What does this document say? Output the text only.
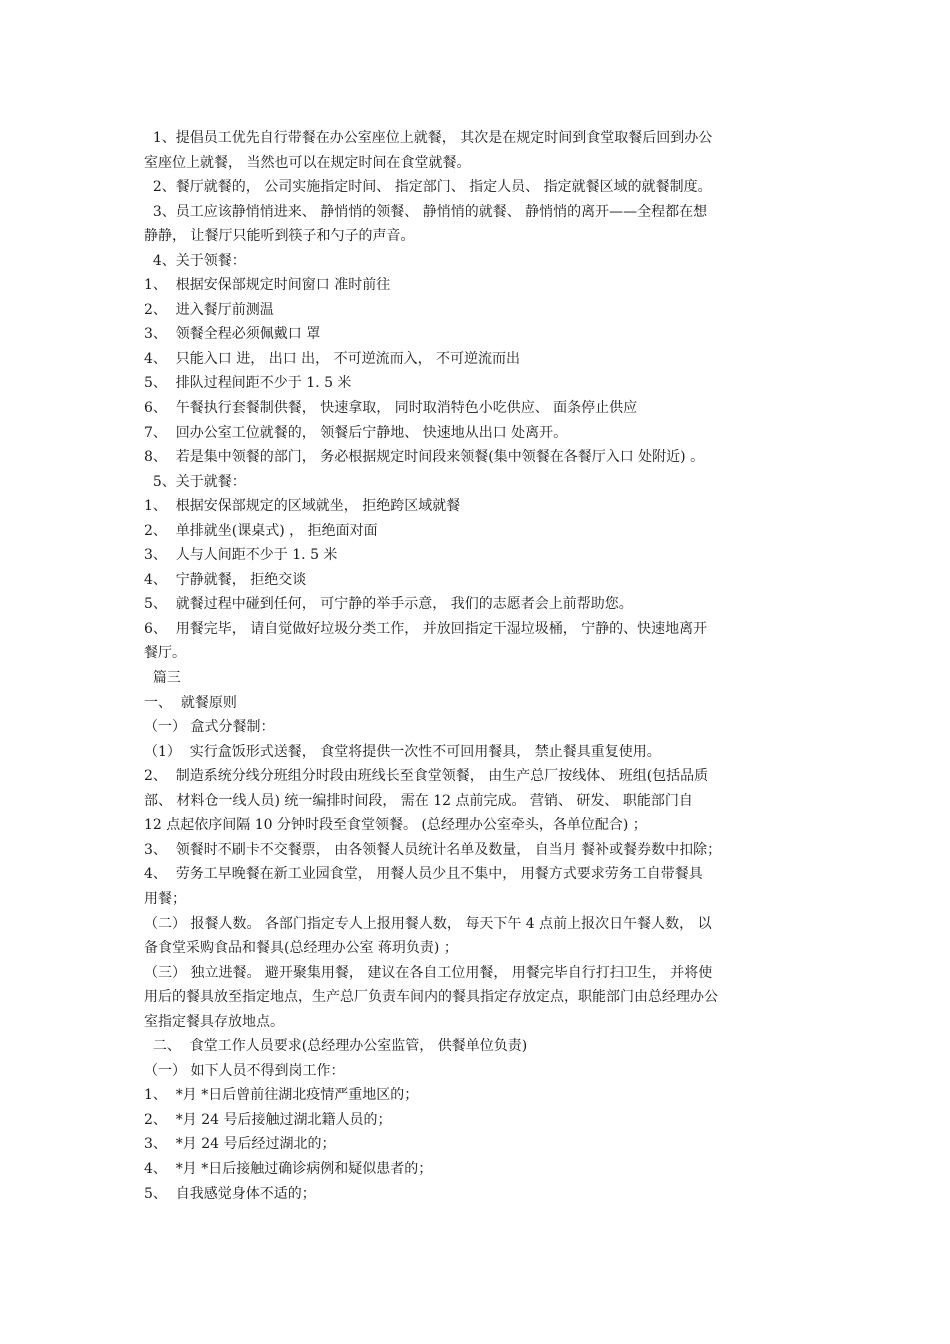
1、提倡员工优先自行带餐在办公室座位上就餐， 其次是在规定时间到食堂取餐后回到办公
室座位上就餐， 当然也可以在规定时间在食堂就餐。
2、餐厅就餐的， 公司实施指定时间、 指定部门、 指定人员、 指定就餐区域的就餐制度。
3、员工应该静悄悄进来、 静悄悄的领餐、 静悄悄的就餐、 静悄悄的离开——全程都在想
静静， 让餐厅只能听到筷子和勺子的声音。
4、关于领餐：
1、  根据安保部规定时间窗口 准时前往
2、  进入餐厅前测温
3、  领餐全程必须佩戴口 罩
4、  只能入口 进， 出口 出， 不可逆流而入， 不可逆流而出
5、  排队过程间距不少于 1. 5 米
6、  午餐执行套餐制供餐， 快速拿取， 同时取消特色小吃供应、 面条停止供应
7、  回办公室工位就餐的， 领餐后宁静地、 快速地从出口 处离开。
8、  若是集中领餐的部门， 务必根据规定时间段来领餐(集中领餐在各餐厅入口 处附近) 。
5、关于就餐：
1、  根据安保部规定的区域就坐， 拒绝跨区域就餐
2、  单排就坐(课桌式) ， 拒绝面对面
3、  人与人间距不少于 1. 5 米
4、  宁静就餐， 拒绝交谈
5、  就餐过程中碰到任何， 可宁静的举手示意， 我们的志愿者会上前帮助您。
6、  用餐完毕， 请自觉做好垃圾分类工作， 并放回指定干湿垃圾桶， 宁静的、快速地离开
餐厅。
篇三
一、  就餐原则
（一） 盒式分餐制：
（1）  实行盒饭形式送餐， 食堂将提供一次性不可回用餐具， 禁止餐具重复使用。
2、  制造系统分线分班组分时段由班线长至食堂领餐， 由生产总厂按线体、 班组(包括品质
部、 材料仓一线人员) 统一编排时间段， 需在 12 点前完成。 营销、 研发、 职能部门自
12 点起依序间隔 10 分钟时段至食堂领餐。 (总经理办公室牵头，各单位配合) ；
3、  领餐时不刷卡不交餐票， 由各领餐人员统计名单及数量， 自当月 餐补或餐券数中扣除；
4、  劳务工早晚餐在新工业园食堂， 用餐人员少且不集中， 用餐方式要求劳务工自带餐具
用餐；
（二） 报餐人数。 各部门指定专人上报用餐人数， 每天下午 4 点前上报次日午餐人数， 以
备食堂采购食品和餐具(总经理办公室 蒋玥负责) ；
（三） 独立进餐。 避开聚集用餐， 建议在各自工位用餐， 用餐完毕自行打扫卫生， 并将使
用后的餐具放至指定地点，生产总厂负责车间内的餐具指定存放定点，职能部门由总经理办公
室指定餐具存放地点。
二、  食堂工作人员要求(总经理办公室监管， 供餐单位负责)
（一） 如下人员不得到岗工作：
1、  *月 *日后曾前往湖北疫情严重地区的；
2、  *月 24 号后接触过湖北籍人员的；
3、  *月 24 号后经过湖北的；
4、  *月 *日后接触过确诊病例和疑似患者的；
5、  自我感觉身体不适的；
